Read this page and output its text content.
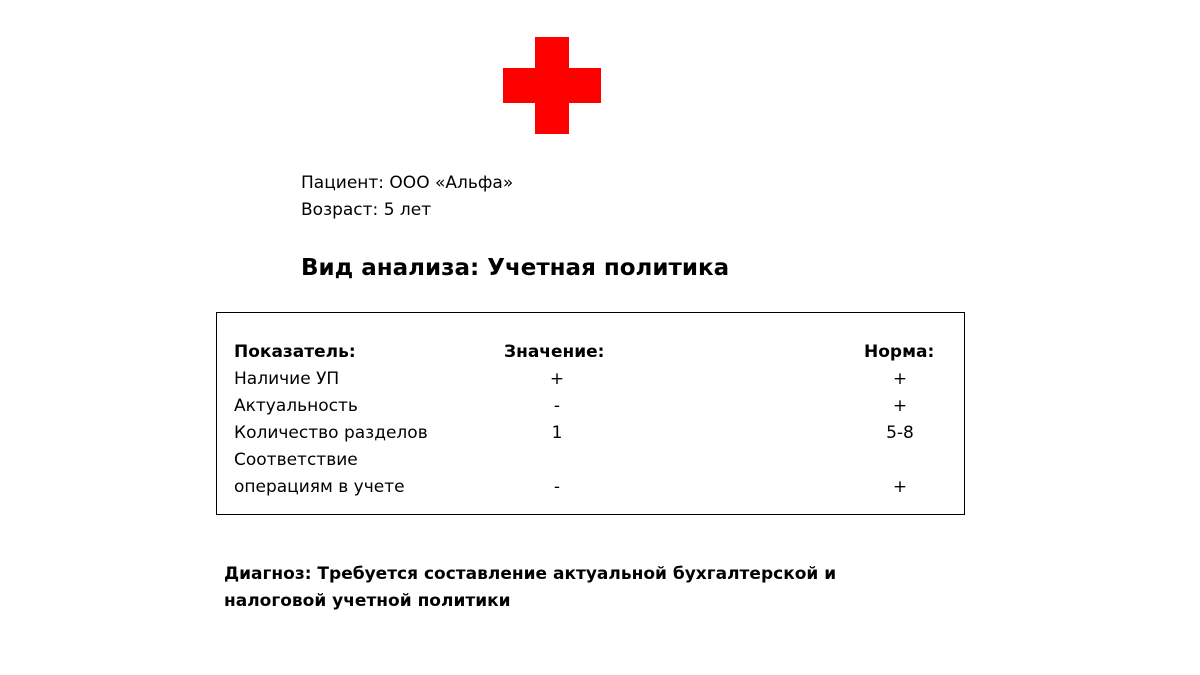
Пациент: ООО «Альфа»
Возраст: 5 лет
Вид анализа: Учетная политика
Показатель:	Значение:	Норма:
Наличие УП	+	+
Актуальность	-	+
Количество разделов	1	5-8
Соответствие
операциям в учете	-	+
Диагноз: Требуется составление актуальной бухгалтерской и
налоговой учетной политики
